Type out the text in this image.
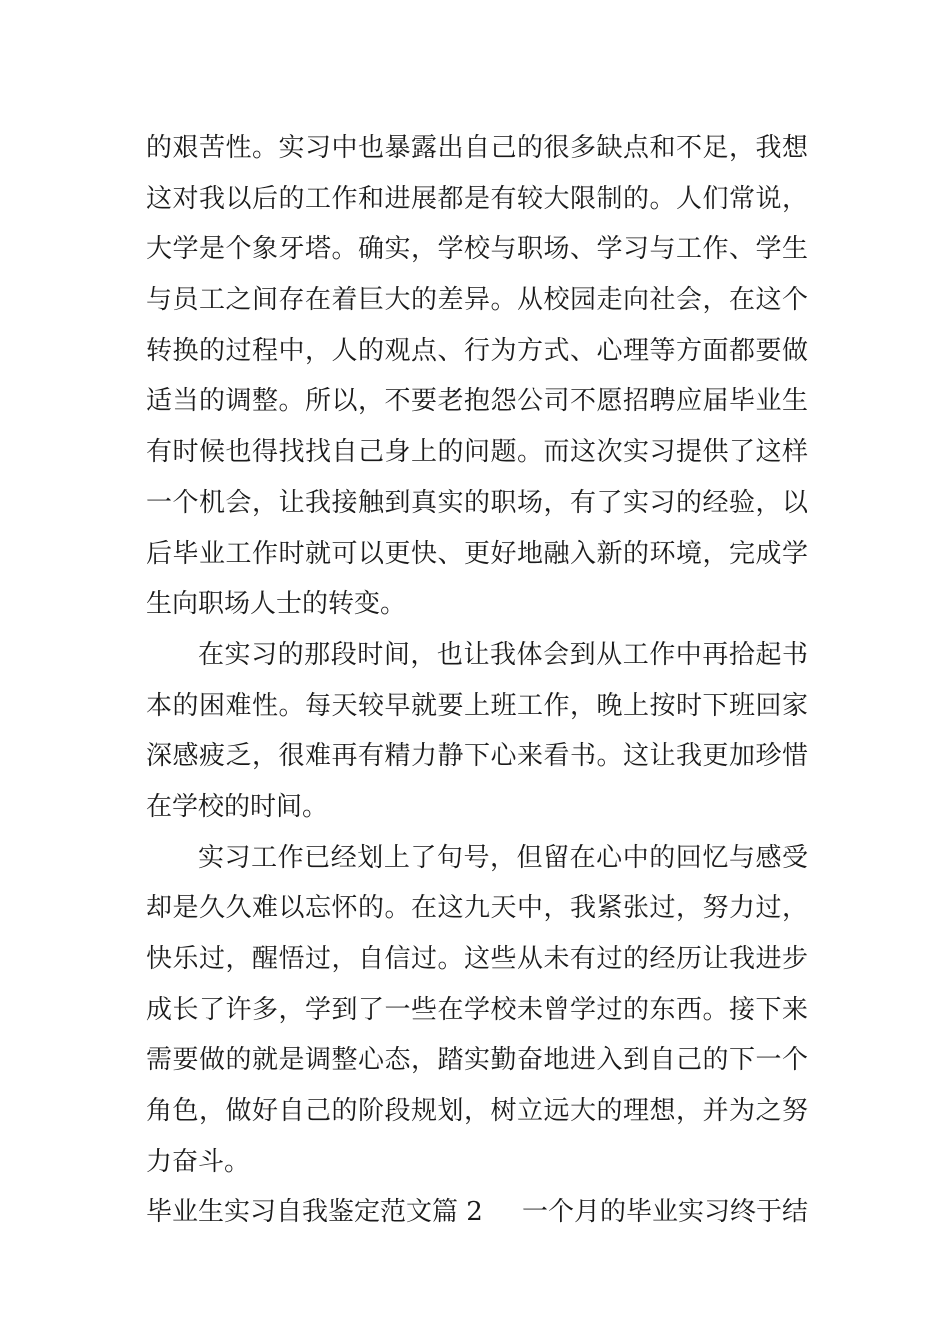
的艰苦性。实习中也暴露出自己的很多缺点和不足，我想
这对我以后的工作和进展都是有较大限制的。人们常说，
大学是个象牙塔。确实，学校与职场、学习与工作、学生
与员工之间存在着巨大的差异。从校园走向社会，在这个
转换的过程中，人的观点、行为方式、心理等方面都要做
适当的调整。所以，不要老抱怨公司不愿招聘应届毕业生
有时候也得找找自己身上的问题。而这次实习提供了这样
一个机会，让我接触到真实的职场，有了实习的经验，以
后毕业工作时就可以更快、更好地融入新的环境，完成学
生向职场人士的转变。
在实习的那段时间，也让我体会到从工作中再拾起书
本的困难性。每天较早就要上班工作，晚上按时下班回家
深感疲乏，很难再有精力静下心来看书。这让我更加珍惜
在学校的时间。
实习工作已经划上了句号，但留在心中的回忆与感受
却是久久难以忘怀的。在这九天中，我紧张过，努力过，
快乐过，醒悟过，自信过。这些从未有过的经历让我进步
成长了许多，学到了一些在学校未曾学过的东西。接下来
需要做的就是调整心态，踏实勤奋地进入到自己的下一个
角色，做好自己的阶段规划，树立远大的理想，并为之努
力奋斗。
毕业生实习自我鉴定范文篇 2 一个月的毕业实习终于结
